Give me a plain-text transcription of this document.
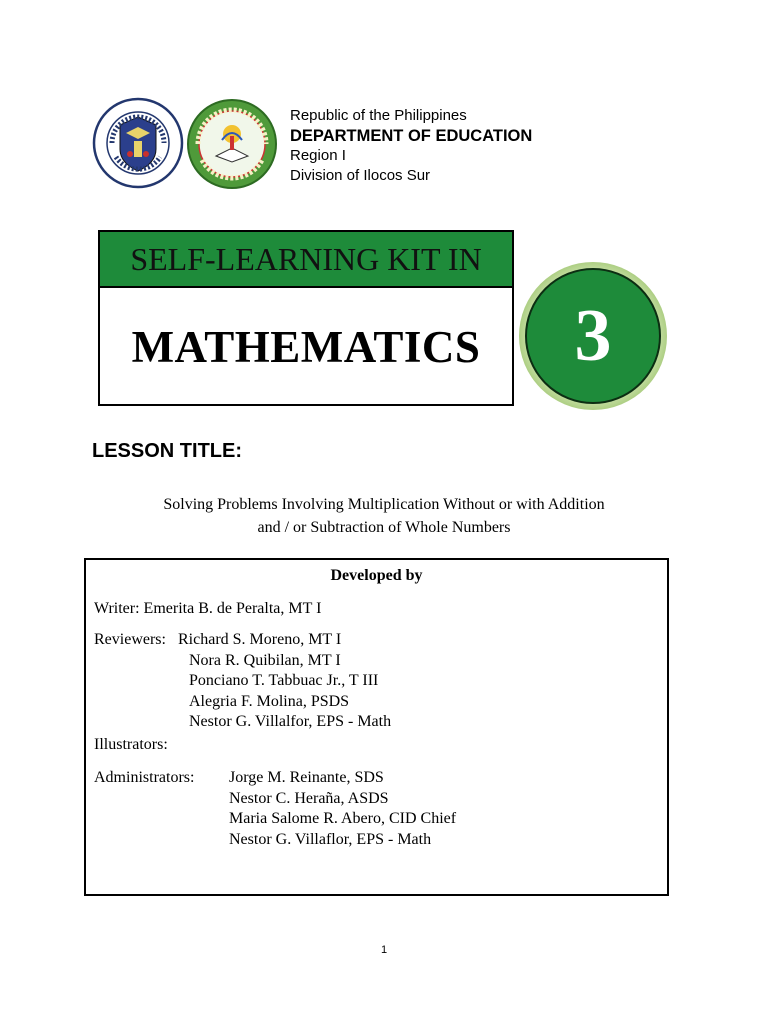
Republic of the Philippines
DEPARTMENT OF EDUCATION
Region I
Division of Ilocos Sur
SELF-LEARNING KIT IN
MATHEMATICS 3
LESSON TITLE:
Solving Problems Involving Multiplication Without or with Addition
and / or Subtraction of Whole Numbers
Developed by
Writer: Emerita B. de Peralta, MT I
Reviewers: Richard S. Moreno, MT I
Nora R. Quibilan, MT I
Ponciano T. Tabbuac Jr., T III
Alegria F. Molina, PSDS
Nestor G. Villalfor, EPS - Math
Illustrators:
Administrators: Jorge M. Reinante, SDS
Nestor C. Heraña, ASDS
Maria Salome R. Abero, CID Chief
Nestor G. Villaflor, EPS - Math
1
